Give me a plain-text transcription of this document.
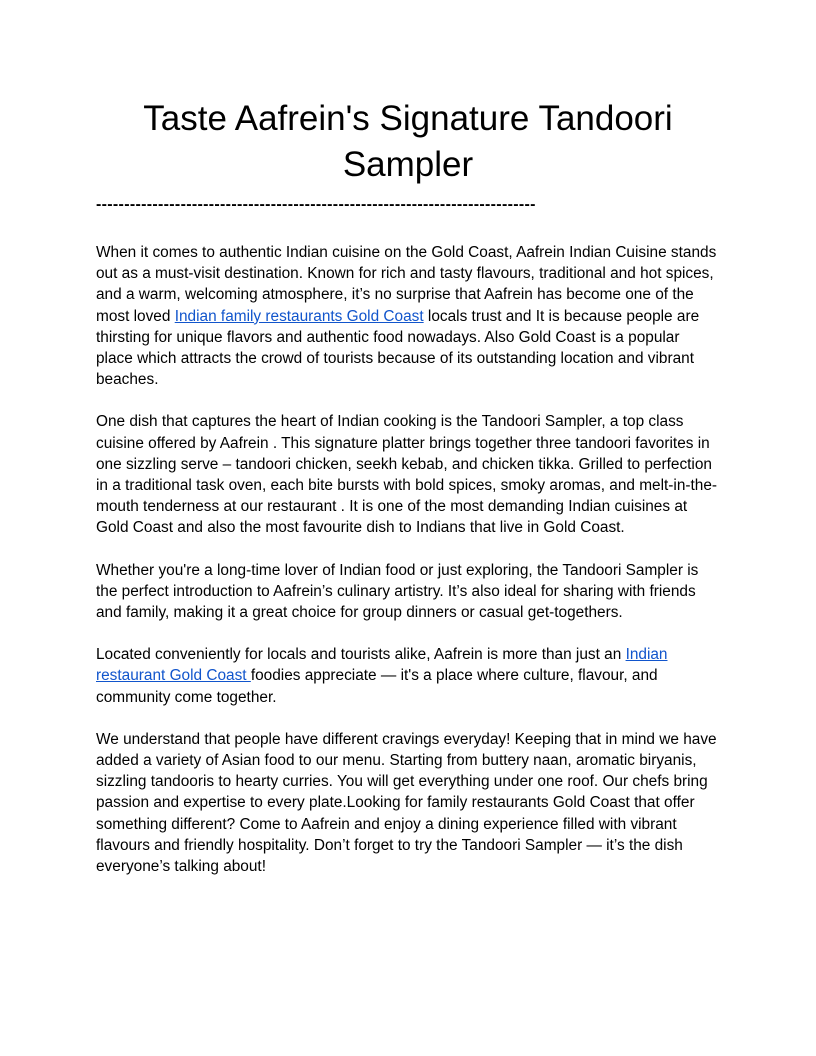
Taste Aafrein's Signature Tandoori Sampler
------------------------------------------------------------------------------

When it comes to authentic Indian cuisine on the Gold Coast, Aafrein Indian Cuisine stands out as a must-visit destination. Known for rich and tasty flavours, traditional and hot spices, and a warm, welcoming atmosphere, it’s no surprise that Aafrein has become one of the most loved Indian family restaurants Gold Coast locals trust and It is because people are thirsting for unique flavors and authentic food nowadays. Also Gold Coast is a popular place which attracts the crowd of tourists because of its outstanding location and vibrant beaches.

One dish that captures the heart of Indian cooking is the Tandoori Sampler, a top class cuisine offered by Aafrein . This signature platter brings together three tandoori favorites in one sizzling serve – tandoori chicken, seekh kebab, and chicken tikka. Grilled to perfection in a traditional task oven, each bite bursts with bold spices, smoky aromas, and melt-in-the-mouth tenderness at our restaurant . It is one of the most demanding Indian cuisines at Gold Coast and also the most favourite dish to Indians that live in Gold Coast.

Whether you're a long-time lover of Indian food or just exploring, the Tandoori Sampler is the perfect introduction to Aafrein’s culinary artistry. It’s also ideal for sharing with friends and family, making it a great choice for group dinners or casual get-togethers.

Located conveniently for locals and tourists alike, Aafrein is more than just an Indian restaurant Gold Coast foodies appreciate — it's a place where culture, flavour, and community come together.

We understand that people have different cravings everyday! Keeping that in mind we have added a variety of Asian food to our menu. Starting from buttery naan, aromatic biryanis, sizzling tandooris to hearty curries. You will get everything under one roof. Our chefs bring passion and expertise to every plate.Looking for family restaurants Gold Coast that offer something different? Come to Aafrein and enjoy a dining experience filled with vibrant flavours and friendly hospitality. Don’t forget to try the Tandoori Sampler — it’s the dish everyone’s talking about!
